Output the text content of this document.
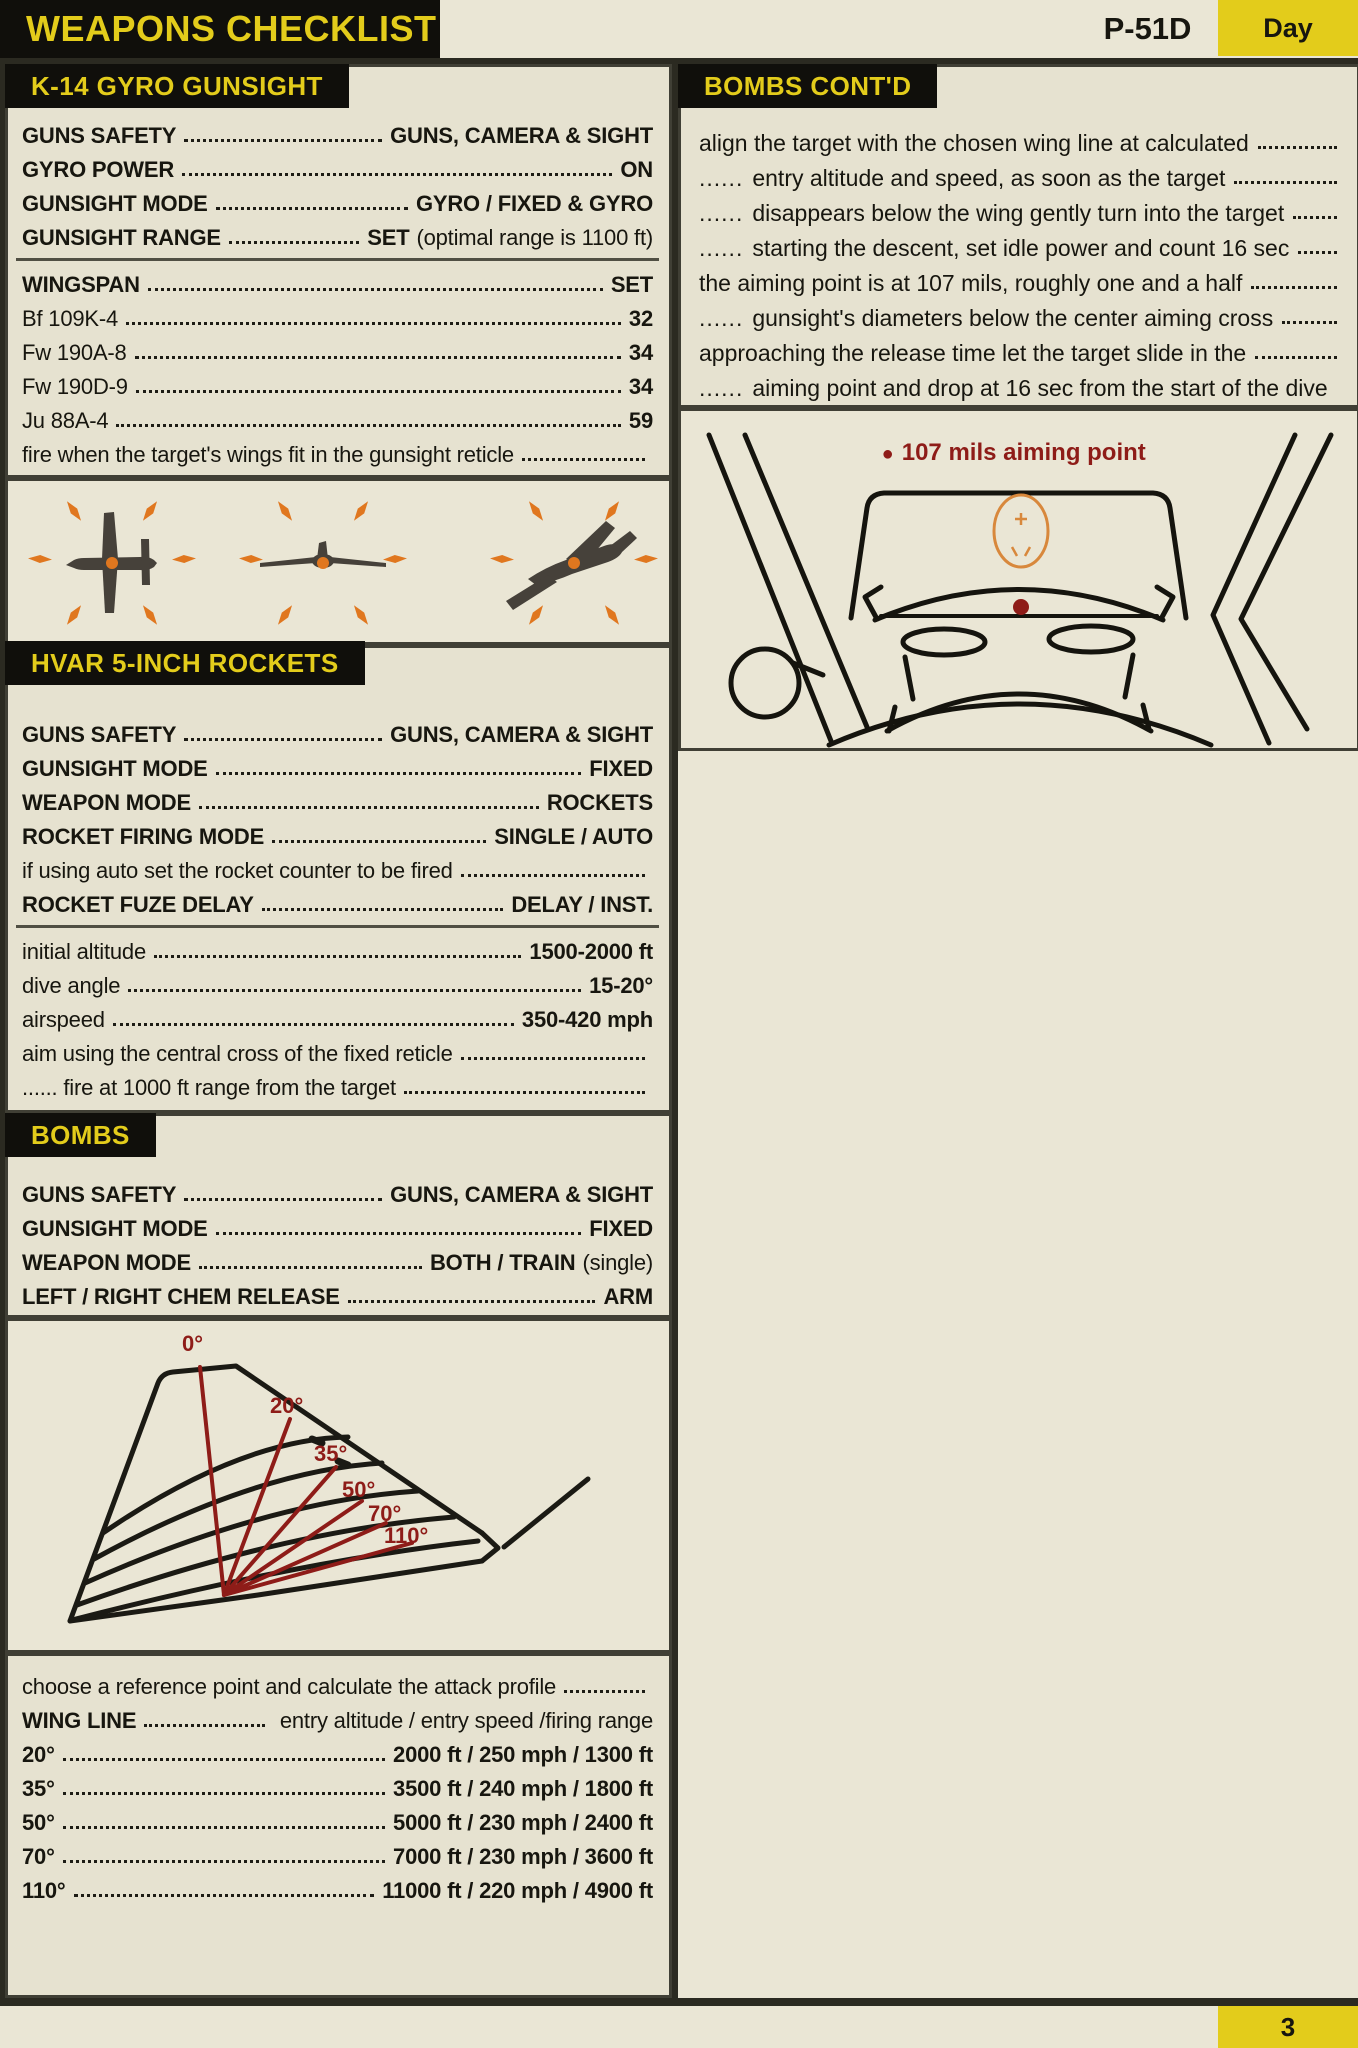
WEAPONS CHECKLIST	P-51D	Day
K-14 GYRO GUNSIGHT
GUNS SAFETY	GUNS, CAMERA & SIGHT
GYRO POWER	ON
GUNSIGHT MODE	GYRO / FIXED & GYRO
GUNSIGHT RANGE	SET (optimal range is 1100 ft)
WINGSPAN	SET
Bf 109K-4	32
Fw 190A-8	34
Fw 190D-9	34
Ju 88A-4	59
fire when the target's wings fit in the gunsight reticle
HVAR 5-INCH ROCKETS
GUNS SAFETY	GUNS, CAMERA & SIGHT
GUNSIGHT MODE	FIXED
WEAPON MODE	ROCKETS
ROCKET FIRING MODE	SINGLE / AUTO
if using auto set the rocket counter to be fired
ROCKET FUZE DELAY	DELAY / INST.
initial altitude	1500-2000 ft
dive angle	15-20°
airspeed	350-420 mph
aim using the central cross of the fixed reticle
...... fire at 1000 ft range from the target
BOMBS
GUNS SAFETY	GUNS, CAMERA & SIGHT
GUNSIGHT MODE	FIXED
WEAPON MODE	BOTH / TRAIN (single)
LEFT / RIGHT CHEM RELEASE	ARM
0°
20°
35°
50°
70°
110°
choose a reference point and calculate the attack profile
WING LINE	entry altitude / entry speed /firing range
20°	2000 ft / 250 mph / 1300 ft
35°	3500 ft / 240 mph / 1800 ft
50°	5000 ft / 230 mph / 2400 ft
70°	7000 ft / 230 mph / 3600 ft
110°	11000 ft / 220 mph / 4900 ft
BOMBS CONT'D
align the target with the chosen wing line at calculated
...... entry altitude and speed, as soon as the target
...... disappears below the wing gently turn into the target
...... starting the descent, set idle power and count 16 sec
the aiming point is at 107 mils, roughly one and a half
...... gunsight's diameters below the center aiming cross
approaching the release time let the target slide in the
...... aiming point and drop at 16 sec from the start of the dive
● 107 mils aiming point
3
